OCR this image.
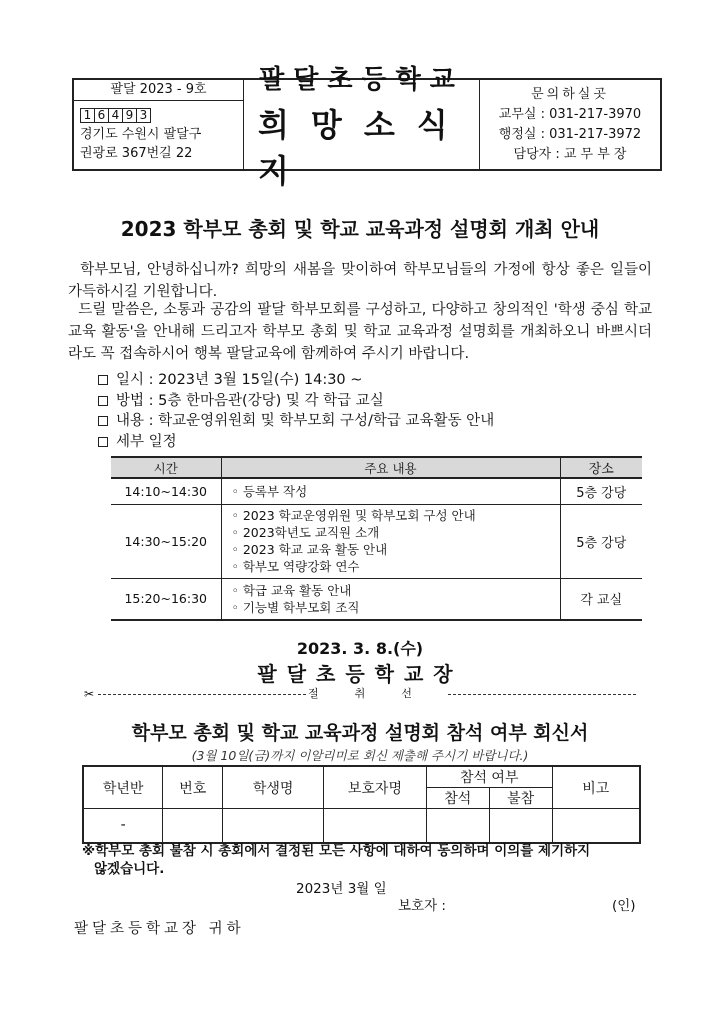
팔달 2023 - 9호
1 6 4 9 3
경기도 수원시 팔달구
권광로 367번길 22
팔달초등학교
희망소식지
문의하실곳
교무실 : 031-217-3970
행정실 : 031-217-3972
담당자 : 교 무 부 장
2023 학부모 총회 및 학교 교육과정 설명회 개최 안내
학부모님, 안녕하십니까? 희망의 새봄을 맞이하여 학부모님들의 가정에 항상 좋은 일들이 가득하시길 기원합니다.
드릴 말씀은, 소통과 공감의 팔달 학부모회를 구성하고, 다양하고 창의적인 '학생 중심 학교 교육 활동'을 안내해 드리고자 학부모 총회 및 학교 교육과정 설명회를 개최하오니 바쁘시더라도 꼭 접속하시어 행복 팔달교육에 함께하여 주시기 바랍니다.
일시 : 2023년 3월 15일(수) 14:30 ~
방법 : 5층 한마음관(강당) 및 각 학급 교실
내용 : 학교운영위원회 및 학부모회 구성/학급 교육활동 안내
세부 일정
시간	주요 내용	장소
14:10~14:30	◦ 등록부 작성	5층 강당
14:30~15:20	◦ 2023 학교운영위원 및 학부모회 구성 안내
◦ 2023학년도 교직원 소개
◦ 2023 학교 교육 활동 안내
◦ 학부모 역량강화 연수	5층 강당
15:20~16:30	◦ 학급 교육 활동 안내
◦ 기능별 학부모회 조직	각 교실
2023. 3. 8.(수)
팔달초등학교장
✂	절취선
학부모 총회 및 학교 교육과정 설명회 참석 여부 회신서
(3월 10일(금)까지 이알리미로 회신 제출해 주시기 바랍니다.)
학년반	번호	학생명	보호자명	참석 여부		비고
				참석	불참	
-						
※학부모 총회 불참 시 총회에서 결정된 모든 사항에 대하여 동의하며 이의를 제기하지
않겠습니다.
2023년 3월 일
보호자 :	(인)
팔달초등학교장 귀하
